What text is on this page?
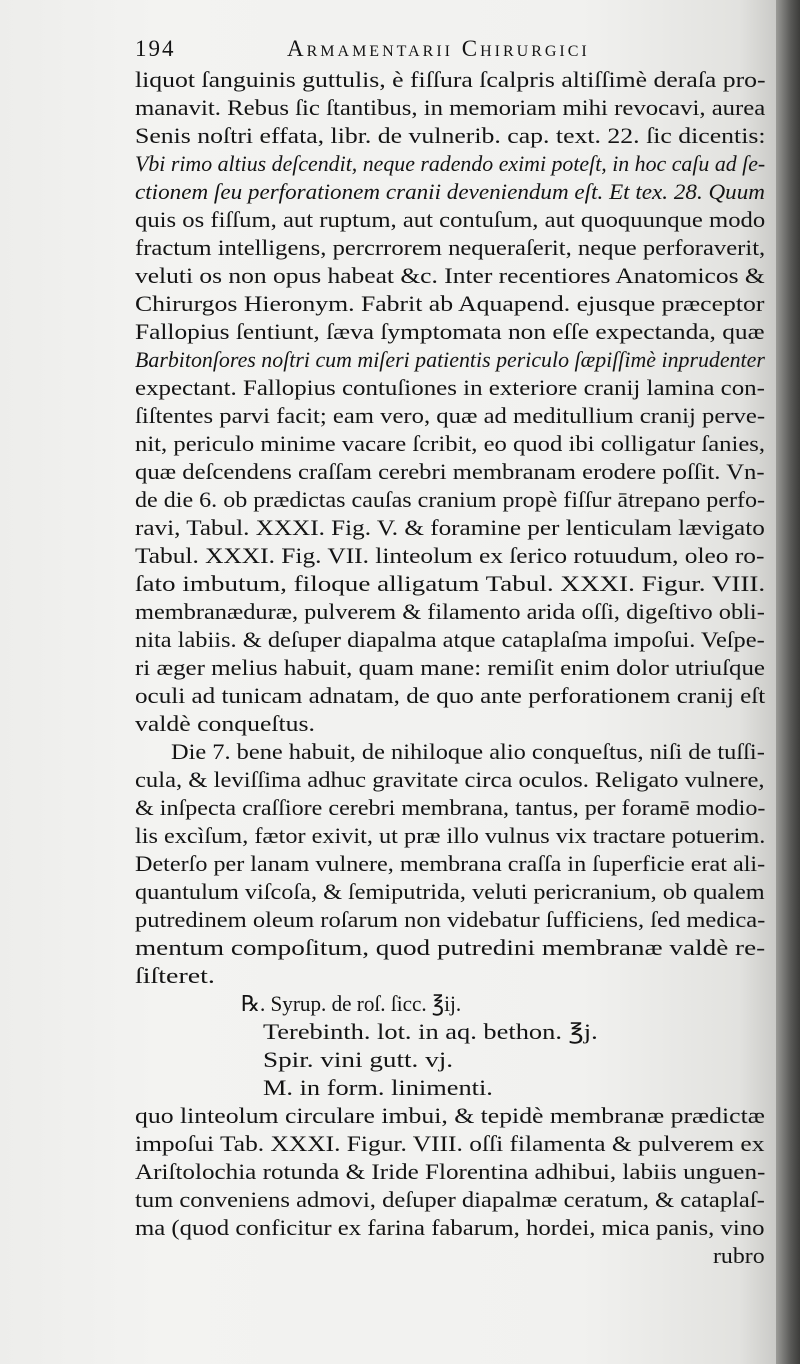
194	Armamentarii Chirurgici
liquot ſanguinis guttulis, è fiſſura ſcalpris altiſſimè deraſa pro-
manavit. Rebus ſic ſtantibus, in memoriam mihi revocavi, aurea
Senis noſtri effata, libr. de vulnerib. cap. text. 22. ſic dicentis:
Vbi rimo altius deſcendit, neque radendo eximi poteſt, in hoc caſu ad ſe-
ctionem ſeu perforationem cranii deveniendum eſt. Et tex. 28. Quum
quis os fiſſum, aut ruptum, aut contuſum, aut quoquunque modo
fractum intelligens, percrrorem nequeraſerit, neque perforaverit,
veluti os non opus habeat &c. Inter recentiores Anatomicos &
Chirurgos Hieronym. Fabrit ab Aquapend. ejusque præceptor
Fallopius ſentiunt, ſæva ſymptomata non eſſe expectanda, quæ
Barbitonſores noſtri cum miſeri patientis periculo ſæpiſſimè inprudenter
expectant. Fallopius contuſiones in exteriore cranij lamina con-
ſiſtentes parvi facit; eam vero, quæ ad meditullium cranij perve-
nit, periculo minime vacare ſcribit, eo quod ibi colligatur ſanies,
quæ deſcendens craſſam cerebri membranam erodere poſſit. Vn-
de die 6. ob prædictas cauſas cranium propè fiſſur ātrepano perfo-
ravi, Tabul. XXXI. Fig. V. & foramine per lenticulam lævigato
Tabul. XXXI. Fig. VII. linteolum ex ſerico rotuudum, oleo ro-
ſato imbutum, filoque alligatum Tabul. XXXI. Figur. VIII.
membranæduræ, pulverem & filamento arida oſſi, digeſtivo obli-
nita labiis. & deſuper diapalma atque cataplaſma impoſui. Veſpe-
ri æger melius habuit, quam mane: remiſit enim dolor utriuſque
oculi ad tunicam adnatam, de quo ante perforationem cranij eſt
valdè conqueſtus.
Die 7. bene habuit, de nihiloque alio conqueſtus, niſi de tuſſi-
cula, & leviſſima adhuc gravitate circa oculos. Religato vulnere,
& inſpecta craſſiore cerebri membrana, tantus, per foramē modio-
lis excìſum, fætor exivit, ut præ illo vulnus vix tractare potuerim.
Deterſo per lanam vulnere, membrana craſſa in ſuperficie erat ali-
quantulum viſcoſa, & ſemiputrida, veluti pericranium, ob qualem
putredinem oleum roſarum non videbatur ſufficiens, ſed medica-
mentum compoſitum, quod putredini membranæ valdè re-
ſiſteret.
℞. Syrup. de roſ. ſicc. ℥ij.
Terebinth. lot. in aq. bethon. ℥j.
Spir. vini gutt. vj.
M. in form. linimenti.
quo linteolum circulare imbui, & tepidè membranæ prædictæ
impoſui Tab. XXXI. Figur. VIII. oſſi filamenta & pulverem ex
Ariſtolochia rotunda & Iride Florentina adhibui, labiis unguen-
tum conveniens admovi, deſuper diapalmæ ceratum, & cataplaſ-
ma (quod conficitur ex farina fabarum, hordei, mica panis, vino
rubro
